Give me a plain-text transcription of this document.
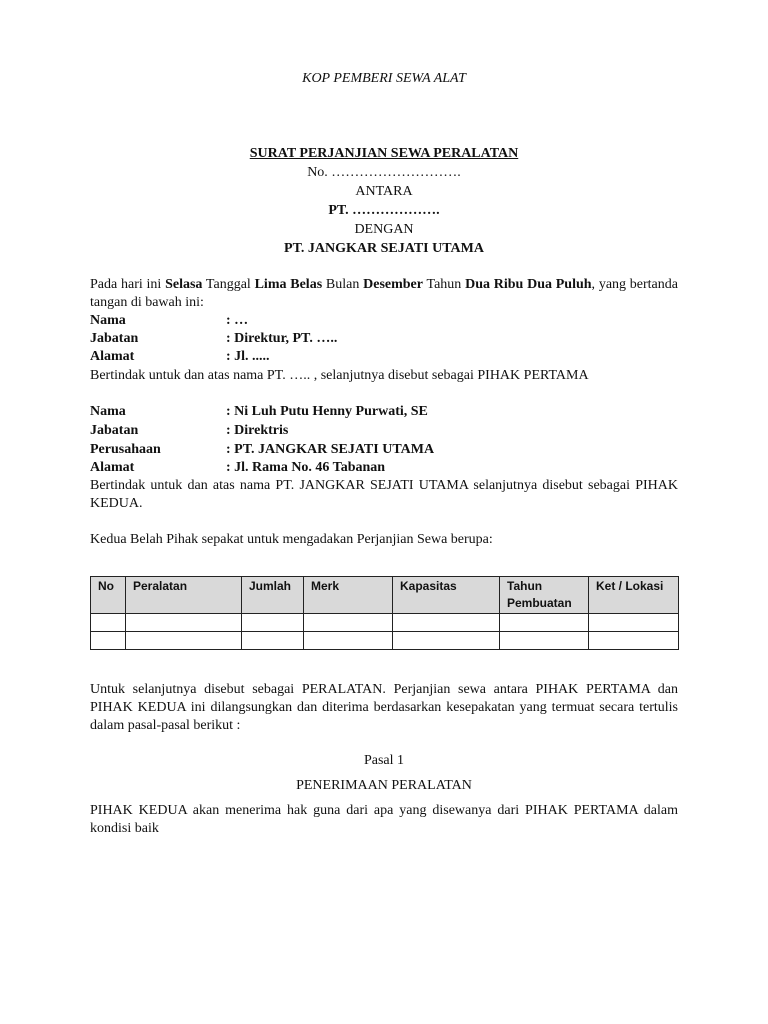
KOP PEMBERI SEWA ALAT
SURAT PERJANJIAN SEWA PERALATAN
No. ……………………….
ANTARA
PT. ……………….
DENGAN
PT. JANGKAR SEJATI UTAMA
Pada hari ini Selasa Tanggal Lima Belas Bulan Desember Tahun Dua Ribu Dua Puluh, yang bertanda
tangan di bawah ini:
Nama	: …
Jabatan	: Direktur, PT. …..
Alamat	: Jl. .....
Bertindak untuk dan atas nama PT. ….. , selanjutnya disebut sebagai PIHAK PERTAMA
Nama	: Ni Luh Putu Henny Purwati, SE
Jabatan	: Direktris
Perusahaan	: PT. JANGKAR SEJATI UTAMA
Alamat	: Jl. Rama No. 46 Tabanan
Bertindak untuk dan atas nama PT. JANGKAR SEJATI UTAMA selanjutnya disebut sebagai PIHAK
KEDUA.
Kedua Belah Pihak sepakat untuk mengadakan Perjanjian Sewa berupa:
No	Peralatan	Jumlah	Merk	Kapasitas	Tahun Pembuatan	Ket / Lokasi

Untuk selanjutnya disebut sebagai PERALATAN. Perjanjian sewa antara PIHAK PERTAMA dan
PIHAK KEDUA ini dilangsungkan dan diterima berdasarkan kesepakatan yang termuat secara tertulis
dalam pasal-pasal berikut :
Pasal 1
PENERIMAAN PERALATAN
PIHAK KEDUA akan menerima hak guna dari apa yang disewanya dari PIHAK PERTAMA dalam
kondisi baik
